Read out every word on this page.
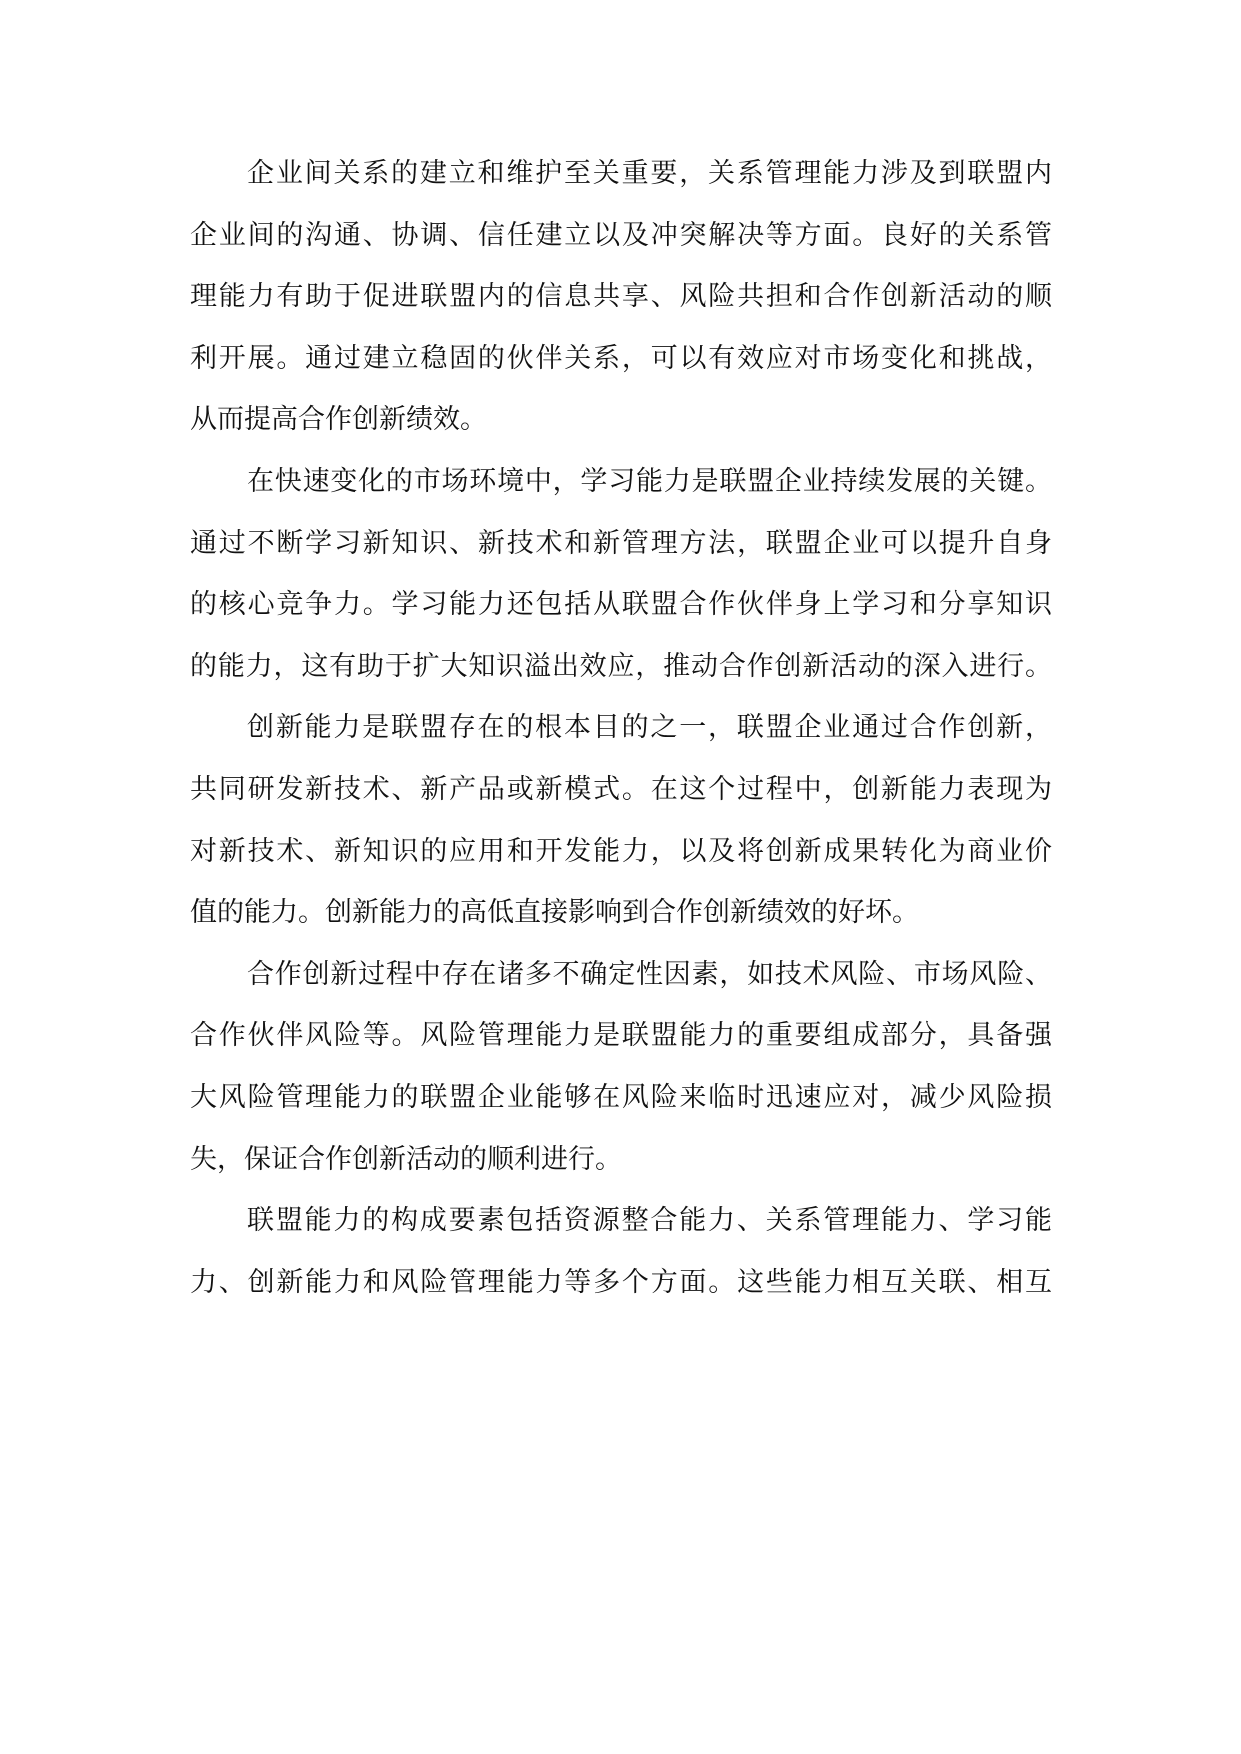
企业间关系的建立和维护至关重要，关系管理能力涉及到联盟内
企业间的沟通、协调、信任建立以及冲突解决等方面。良好的关系管
理能力有助于促进联盟内的信息共享、风险共担和合作创新活动的顺
利开展。通过建立稳固的伙伴关系，可以有效应对市场变化和挑战，
从而提高合作创新绩效。
在快速变化的市场环境中，学习能力是联盟企业持续发展的关键。
通过不断学习新知识、新技术和新管理方法，联盟企业可以提升自身
的核心竞争力。学习能力还包括从联盟合作伙伴身上学习和分享知识
的能力，这有助于扩大知识溢出效应，推动合作创新活动的深入进行。
创新能力是联盟存在的根本目的之一，联盟企业通过合作创新，
共同研发新技术、新产品或新模式。在这个过程中，创新能力表现为
对新技术、新知识的应用和开发能力，以及将创新成果转化为商业价
值的能力。创新能力的高低直接影响到合作创新绩效的好坏。
合作创新过程中存在诸多不确定性因素，如技术风险、市场风险、
合作伙伴风险等。风险管理能力是联盟能力的重要组成部分，具备强
大风险管理能力的联盟企业能够在风险来临时迅速应对，减少风险损
失，保证合作创新活动的顺利进行。
联盟能力的构成要素包括资源整合能力、关系管理能力、学习能
力、创新能力和风险管理能力等多个方面。这些能力相互关联、相互
